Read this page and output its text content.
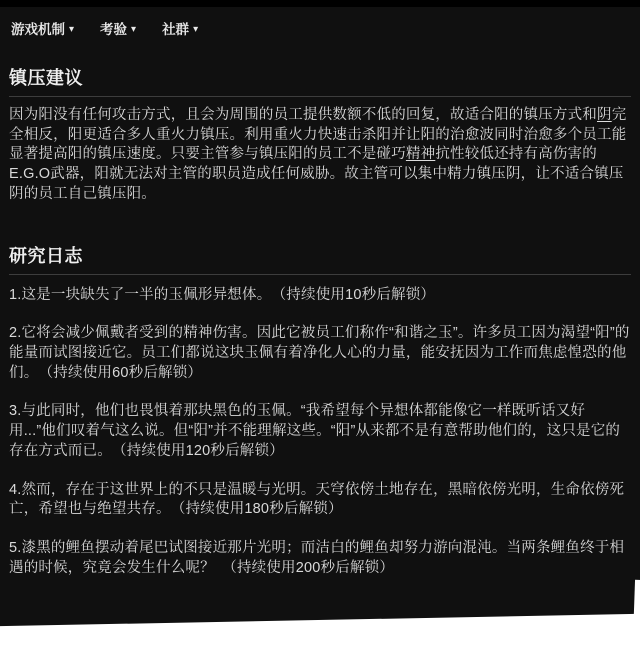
游戏机制 ▾ 考验 ▾ 社群 ▾
镇压建议

因为阳没有任何攻击方式，且会为周围的员工提供数额不低的回复，故适合阳的镇压方式和阴完全相反，阳更适合多人重火力镇压。利用重火力快速击杀阳并让阳的治愈波同时治愈多个员工能显著提高阳的镇压速度。只要主管参与镇压阳的员工不是碰巧精神抗性较低还持有高伤害的E.G.O武器，阳就无法对主管的职员造成任何威胁。故主管可以集中精力镇压阴，让不适合镇压阴的员工自己镇压阳。

研究日志

1.这是一块缺失了一半的玉佩形异想体。　（持续使用10秒后解锁）

2.它将会减少佩戴者受到的精神伤害。因此它被员工们称作“和谐之玉”。许多员工因为渴望“阳”的能量而试图接近它。员工们都说这块玉佩有着净化人心的力量，能安抚因为工作而焦虑惶恐的他们。　（持续使用60秒后解锁）

3.与此同时，他们也畏惧着那块黑色的玉佩。“我希望每个异想体都能像它一样既听话又好用...”他们叹着气这么说。但“阳”并不能理解这些。“阳”从来都不是有意帮助他们的，这只是它的存在方式而已。　（持续使用120秒后解锁）

4.然而，存在于这世界上的不只是温暖与光明。天穹依傍土地存在，黑暗依傍光明，生命依傍死亡，希望也与绝望共存。　（持续使用180秒后解锁）

5.漆黑的鲤鱼摆动着尾巴试图接近那片光明；而洁白的鲤鱼却努力游向混沌。当两条鲤鱼终于相遇的时候，究竟会发生什么呢？　（持续使用200秒后解锁）
